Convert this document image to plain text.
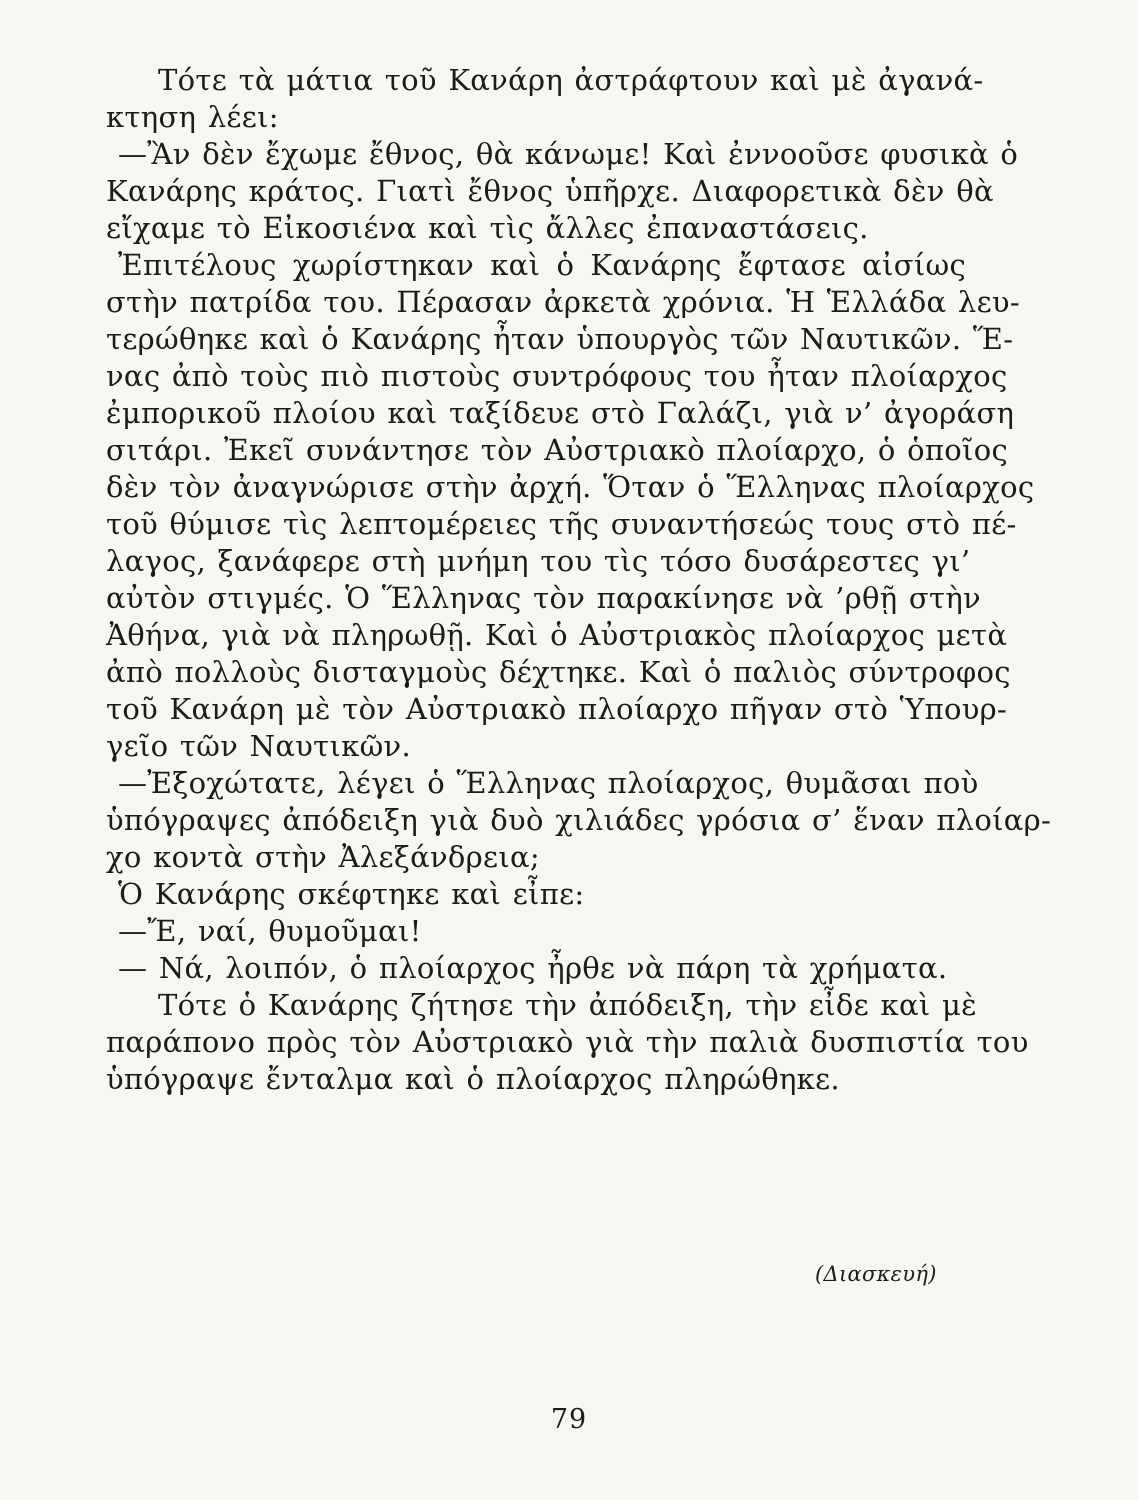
Τότε τὰ μάτια τοῦ Κανάρη ἀστράφτουν καὶ μὲ ἀγανά-
κτηση λέει:
—Ἂν δὲν ἔχωμε ἔθνος, θὰ κάνωμε! Καὶ ἐννοοῦσε φυσικὰ ὁ
Κανάρης κράτος. Γιατὶ ἔθνος ὑπῆρχε. Διαφορετικὰ δὲν θὰ
εἴχαμε τὸ Εἰκοσιένα καὶ τὶς ἄλλες ἐπαναστάσεις.
Ἐπιτέλους χωρίστηκαν καὶ ὁ Κανάρης ἔφτασε αἰσίως
στὴν πατρίδα του. Πέρασαν ἀρκετὰ χρόνια. Ἡ Ἑλλάδα λευ-
τερώθηκε καὶ ὁ Κανάρης ἦταν ὑπουργὸς τῶν Ναυτικῶν. Ἕ-
νας ἀπὸ τοὺς πιὸ πιστοὺς συντρόφους του ἦταν πλοίαρχος
ἐμπορικοῦ πλοίου καὶ ταξίδευε στὸ Γαλάζι, γιὰ ν’ ἀγοράση
σιτάρι. Ἐκεῖ συνάντησε τὸν Αὐστριακὸ πλοίαρχο, ὁ ὁποῖος
δὲν τὸν ἀναγνώρισε στὴν ἀρχή. Ὅταν ὁ Ἕλληνας πλοίαρχος
τοῦ θύμισε τὶς λεπτομέρειες τῆς συναντήσεώς τους στὸ πέ-
λαγος, ξανάφερε στὴ μνήμη του τὶς τόσο δυσάρεστες γι’
αὐτὸν στιγμές. Ὁ Ἕλληνας τὸν παρακίνησε νὰ ’ρθῇ στὴν
Ἀθήνα, γιὰ νὰ πληρωθῇ. Καὶ ὁ Αὐστριακὸς πλοίαρχος μετὰ
ἀπὸ πολλοὺς δισταγμοὺς δέχτηκε. Καὶ ὁ παλιὸς σύντροφος
τοῦ Κανάρη μὲ τὸν Αὐστριακὸ πλοίαρχο πῆγαν στὸ Ὑπουρ-
γεῖο τῶν Ναυτικῶν.
—Ἐξοχώτατε, λέγει ὁ Ἕλληνας πλοίαρχος, θυμᾶσαι ποὺ
ὑπόγραψες ἀπόδειξη γιὰ δυὸ χιλιάδες γρόσια σ’ ἕναν πλοίαρ-
χο κοντὰ στὴν Ἀλεξάνδρεια;
Ὁ Κανάρης σκέφτηκε καὶ εἶπε:
—Ἔ, ναί, θυμοῦμαι!
— Νά, λοιπόν, ὁ πλοίαρχος ἦρθε νὰ πάρη τὰ χρήματα.
Τότε ὁ Κανάρης ζήτησε τὴν ἀπόδειξη, τὴν εἶδε καὶ μὲ
παράπονο πρὸς τὸν Αὐστριακὸ γιὰ τὴν παλιὰ δυσπιστία του
ὑπόγραψε ἔνταλμα καὶ ὁ πλοίαρχος πληρώθηκε.
(Διασκευή)
79
